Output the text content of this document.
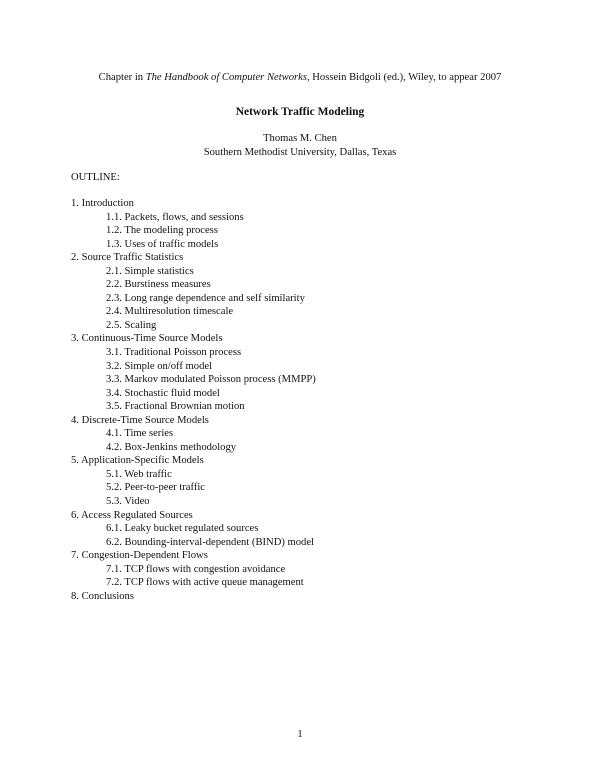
Chapter in The Handbook of Computer Networks, Hossein Bidgoli (ed.), Wiley, to appear 2007
Network Traffic Modeling
Thomas M. Chen
Southern Methodist University, Dallas, Texas
OUTLINE:
1. Introduction
1.1. Packets, flows, and sessions
1.2. The modeling process
1.3. Uses of traffic models
2. Source Traffic Statistics
2.1. Simple statistics
2.2. Burstiness measures
2.3. Long range dependence and self similarity
2.4. Multiresolution timescale
2.5. Scaling
3. Continuous-Time Source Models
3.1. Traditional Poisson process
3.2. Simple on/off model
3.3. Markov modulated Poisson process (MMPP)
3.4. Stochastic fluid model
3.5. Fractional Brownian motion
4. Discrete-Time Source Models
4.1. Time series
4.2. Box-Jenkins methodology
5. Application-Specific Models
5.1. Web traffic
5.2. Peer-to-peer traffic
5.3. Video
6. Access Regulated Sources
6.1. Leaky bucket regulated sources
6.2. Bounding-interval-dependent (BIND) model
7. Congestion-Dependent Flows
7.1. TCP flows with congestion avoidance
7.2. TCP flows with active queue management
8. Conclusions
1
